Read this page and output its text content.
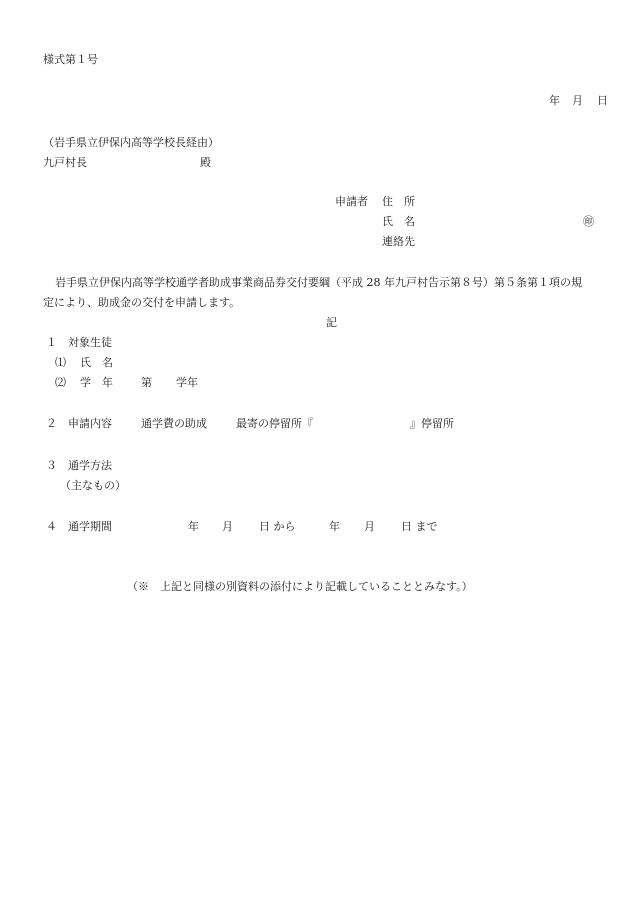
様式第１号
年 月 日
（岩手県立伊保内高等学校長経由）
九戸村長	殿
申請者 住　所
氏　名	㊞
連絡先
岩手県立伊保内高等学校通学者助成事業商品券交付要綱（平成 28 年九戸村告示第８号）第５条第１項の規
定により、助成金の交付を申請します。
記
１　対象生徒
⑴ 氏　名
⑵ 学　年	第 学年
２　申請内容	通学費の助成	最寄の停留所『	』停留所
３　通学方法
（主なもの）
４　通学期間	年 月 日 から	年 月 日 まで
（※　上記と同様の別資料の添付により記載していることとみなす。）
